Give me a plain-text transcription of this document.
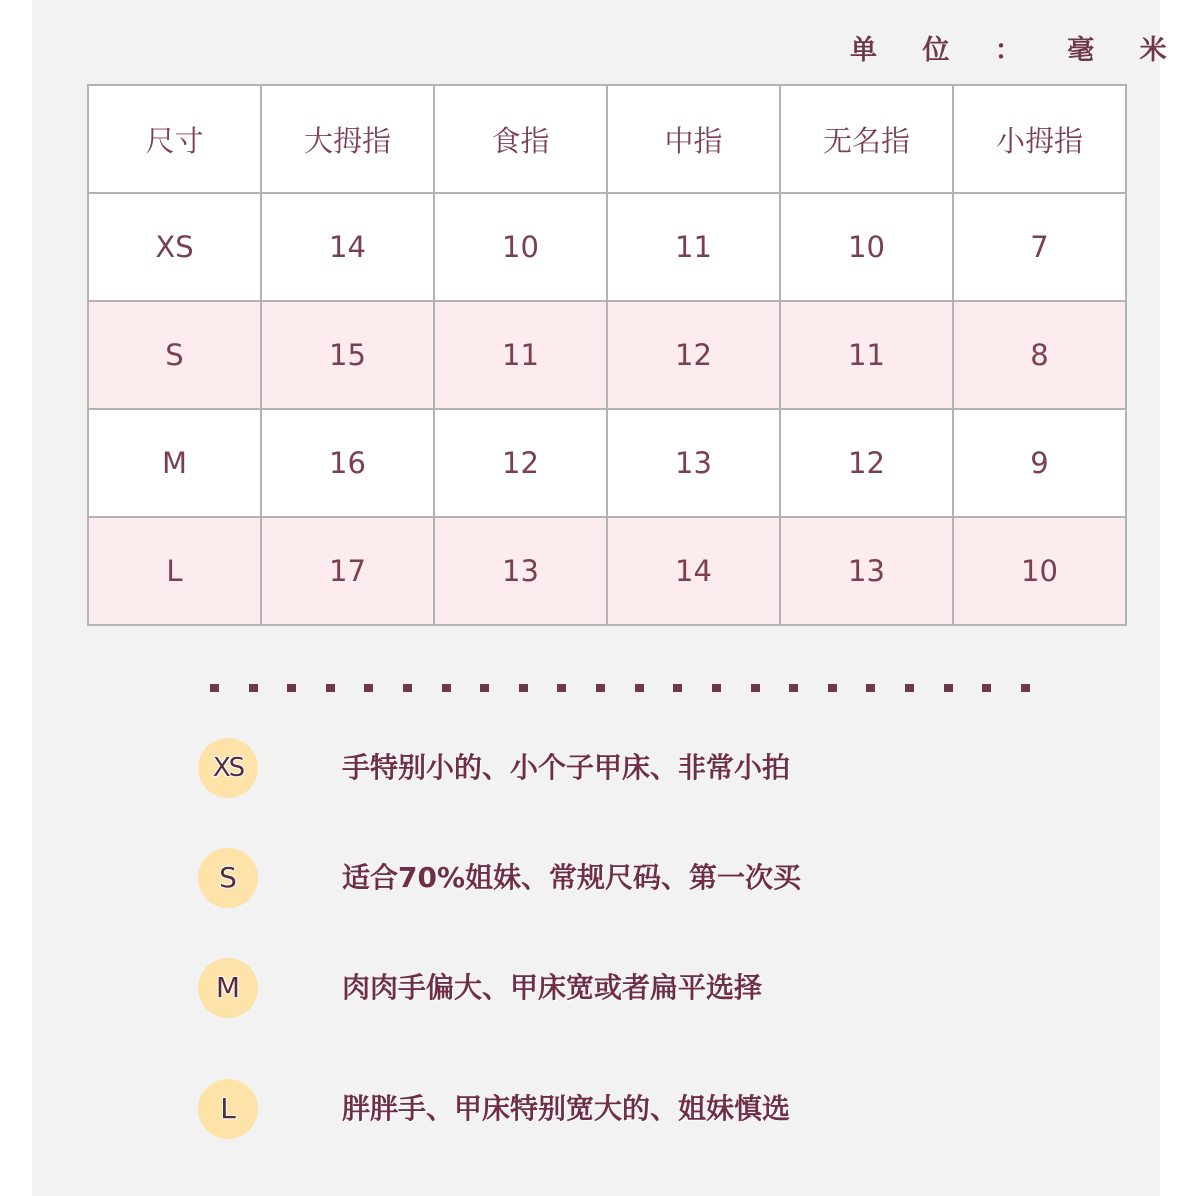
单 位 ： 毫 米
尺寸	大拇指	食指	中指	无名指	小拇指
XS	14	10	11	10	7
S	15	11	12	11	8
M	16	12	13	12	9
L	17	13	14	13	10
XS	手特别小的、小个子甲床、非常小拍
S	适合70%姐妹、常规尺码、第一次买
M	肉肉手偏大、甲床宽或者扁平选择
L	胖胖手、甲床特别宽大的、姐妹慎选
